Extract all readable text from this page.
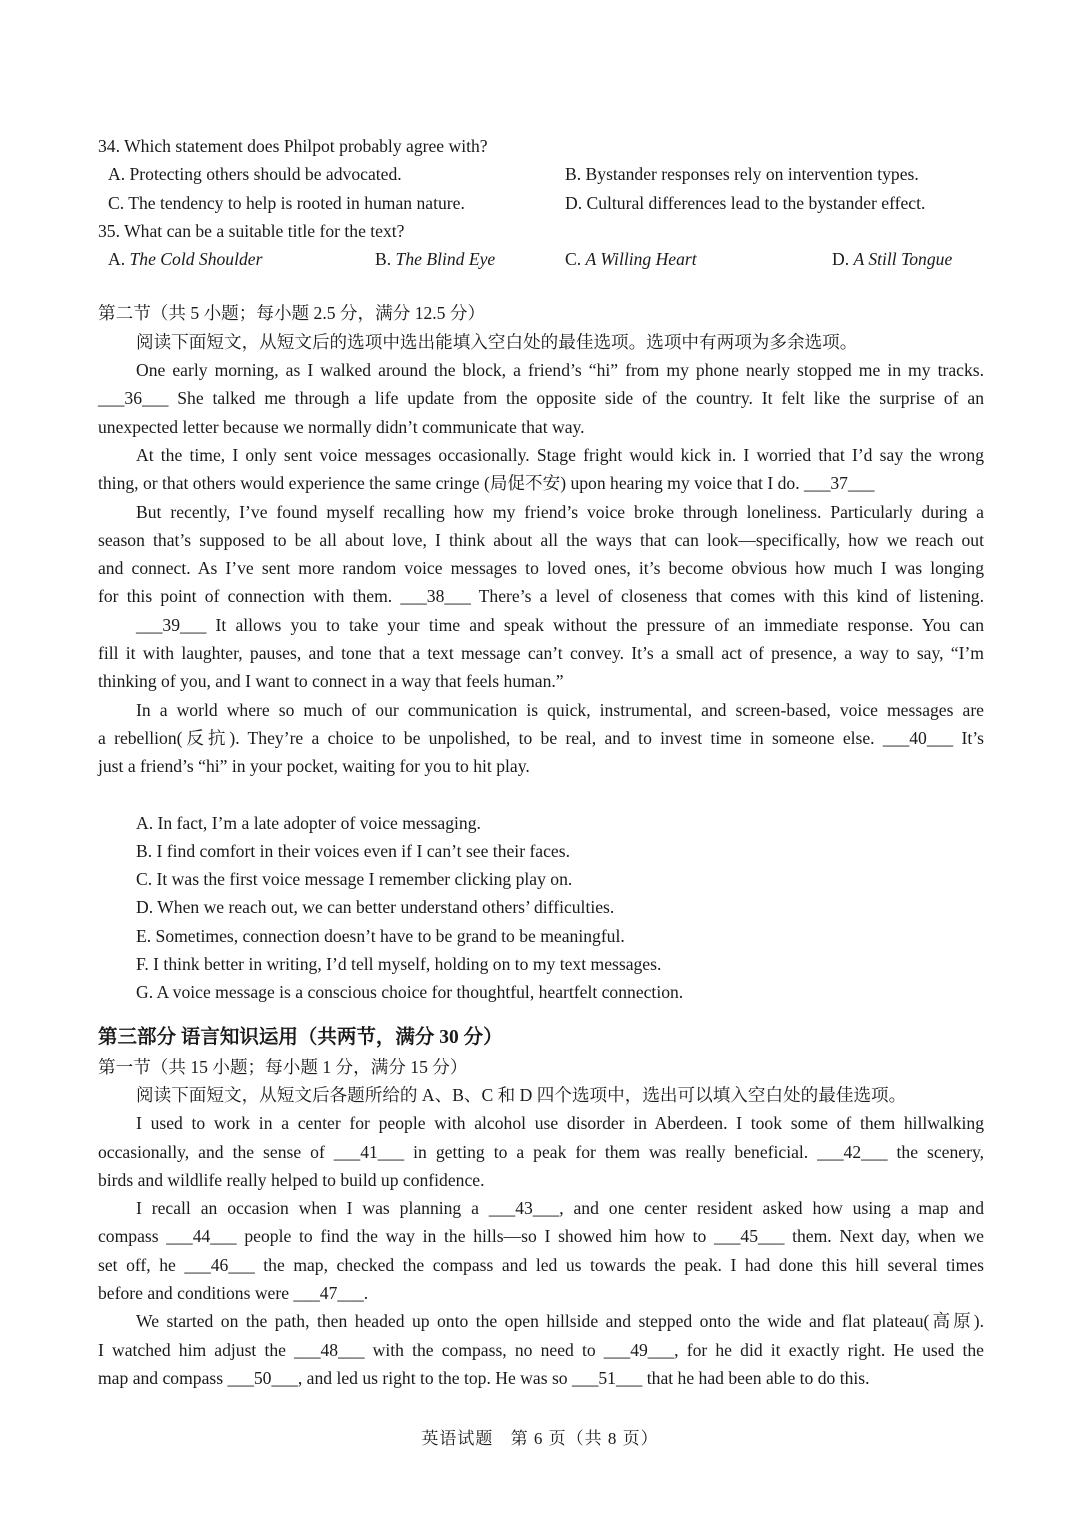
34. Which statement does Philpot probably agree with?
A. Protecting others should be advocated.	B. Bystander responses rely on intervention types.
C. The tendency to help is rooted in human nature.	D. Cultural differences lead to the bystander effect.
35. What can be a suitable title for the text?
A. The Cold Shoulder	B. The Blind Eye	C. A Willing Heart	D. A Still Tongue
第二节（共 5 小题；每小题 2.5 分，满分 12.5 分）
阅读下面短文，从短文后的选项中选出能填入空白处的最佳选项。选项中有两项为多余选项。
One early morning, as I walked around the block, a friend’s “hi” from my phone nearly stopped me in my tracks.
___36___ She talked me through a life update from the opposite side of the country. It felt like the surprise of an
unexpected letter because we normally didn’t communicate that way.
At the time, I only sent voice messages occasionally. Stage fright would kick in. I worried that I’d say the wrong
thing, or that others would experience the same cringe (局促不安) upon hearing my voice that I do. ___37___
But recently, I’ve found myself recalling how my friend’s voice broke through loneliness. Particularly during a
season that’s supposed to be all about love, I think about all the ways that can look—specifically, how we reach out
and connect. As I’ve sent more random voice messages to loved ones, it’s become obvious how much I was longing
for this point of connection with them. ___38___ There’s a level of closeness that comes with this kind of listening.
___39___ It allows you to take your time and speak without the pressure of an immediate response. You can
fill it with laughter, pauses, and tone that a text message can’t convey. It’s a small act of presence, a way to say, “I’m
thinking of you, and I want to connect in a way that feels human.”
In a world where so much of our communication is quick, instrumental, and screen-based, voice messages are
a rebellion(反抗). They’re a choice to be unpolished, to be real, and to invest time in someone else. ___40___ It’s
just a friend’s “hi” in your pocket, waiting for you to hit play.
A. In fact, I’m a late adopter of voice messaging.
B. I find comfort in their voices even if I can’t see their faces.
C. It was the first voice message I remember clicking play on.
D. When we reach out, we can better understand others’ difficulties.
E. Sometimes, connection doesn’t have to be grand to be meaningful.
F. I think better in writing, I’d tell myself, holding on to my text messages.
G. A voice message is a conscious choice for thoughtful, heartfelt connection.
第三部分 语言知识运用（共两节，满分 30 分）
第一节（共 15 小题；每小题 1 分，满分 15 分）
阅读下面短文，从短文后各题所给的 A、B、C 和 D 四个选项中，选出可以填入空白处的最佳选项。
I used to work in a center for people with alcohol use disorder in Aberdeen. I took some of them hillwalking
occasionally, and the sense of ___41___ in getting to a peak for them was really beneficial. ___42___ the scenery,
birds and wildlife really helped to build up confidence.
I recall an occasion when I was planning a ___43___, and one center resident asked how using a map and
compass ___44___ people to find the way in the hills—so I showed him how to ___45___ them. Next day, when we
set off, he ___46___ the map, checked the compass and led us towards the peak. I had done this hill several times
before and conditions were ___47___.
We started on the path, then headed up onto the open hillside and stepped onto the wide and flat plateau(高原).
I watched him adjust the ___48___ with the compass, no need to ___49___, for he did it exactly right. He used the
map and compass ___50___, and led us right to the top. He was so ___51___ that he had been able to do this.
英语试题 第 6 页（共 8 页）
